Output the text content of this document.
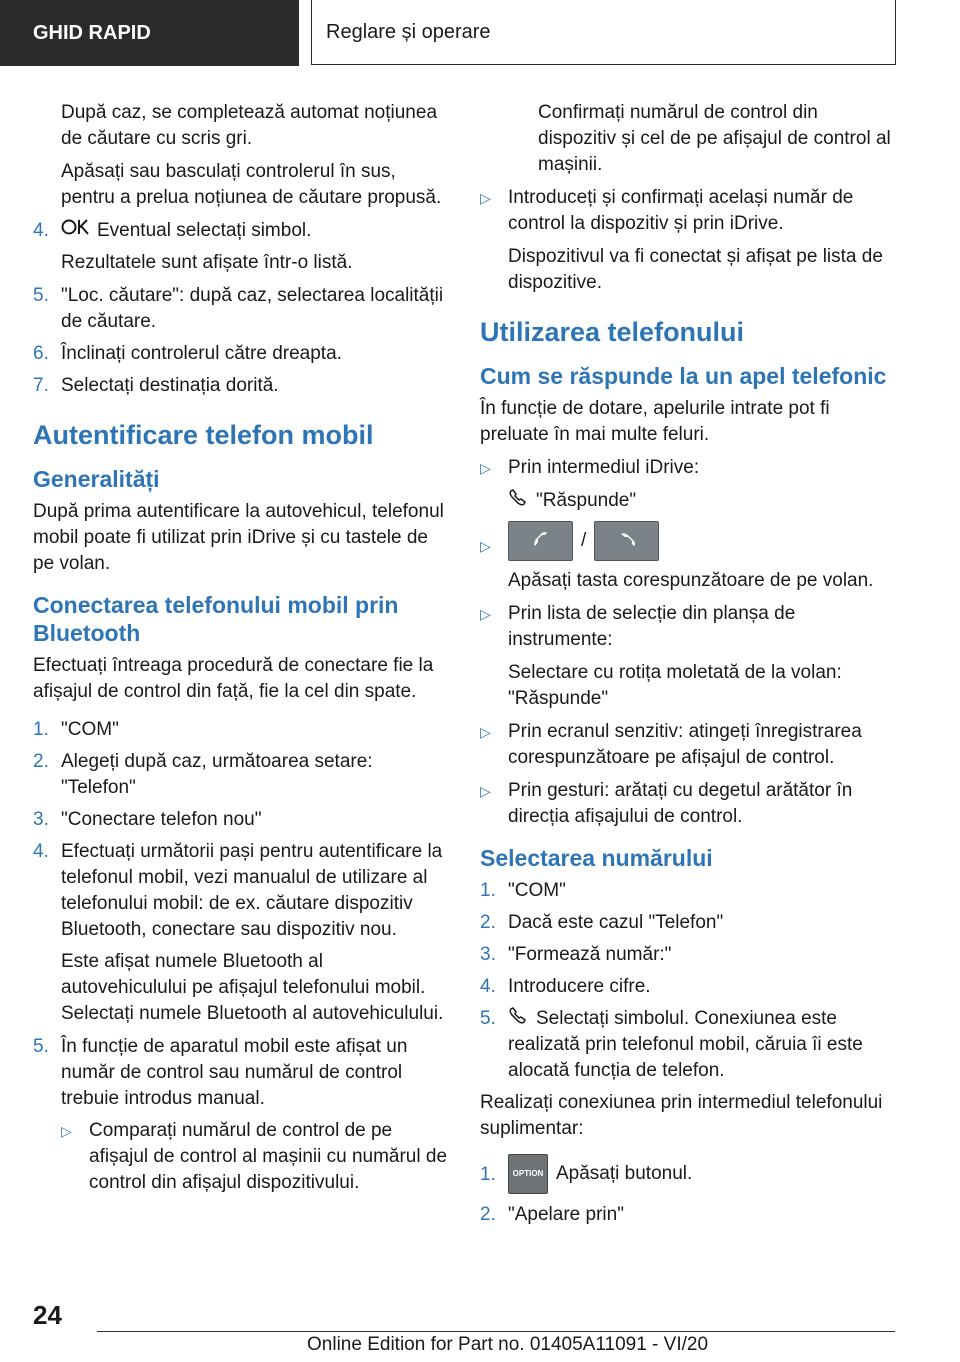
GHID RAPID	Reglare și operare

După caz, se completează automat noțiunea de căutare cu scris gri.

Apăsați sau basculați controlerul în sus, pentru a prelua noțiunea de căutare propusă.

4.	Eventual selectați simbol.

Rezultatele sunt afișate într-o listă.

5. "Loc. căutare": după caz, selectarea localității de căutare.
6. Înclinați controlerul către dreapta.
7. Selectați destinația dorită.
Autentificare telefon mobil
Generalități

După prima autentificare la autovehicul, telefonul mobil poate fi utilizat prin iDrive și cu tastele de pe volan.

Conectarea telefonului mobil prin Bluetooth

Efectuați întreaga procedură de conectare fie la afișajul de control din față, fie la cel din spate.

1. "COM"
2. Alegeți după caz, următoarea setare: "Telefon"
3. "Conectare telefon nou"
4. Efectuați următorii pași pentru autentificare la telefonul mobil, vezi manualul de utilizare al telefonului mobil: de ex. căutare dispozitiv Bluetooth, conectare sau dispozitiv nou.

Este afișat numele Bluetooth al autovehiculului pe afișajul telefonului mobil. Selectați numele Bluetooth al autovehiculului.

5. În funcție de aparatul mobil este afișat un număr de control sau numărul de control trebuie introdus manual.
▷ Comparați numărul de control de pe afișajul de control al mașinii cu numărul de control din afișajul dispozitivului.

Confirmați numărul de control din dispozitiv și cel de pe afișajul de control al mașinii.

▷ Introduceți și confirmați același număr de control la dispozitiv și prin iDrive.

Dispozitivul va fi conectat și afișat pe lista de dispozitive.

Utilizarea telefonului
Cum se răspunde la un apel telefonic

În funcție de dotare, apelurile intrate pot fi preluate în mai multe feluri.

▷ Prin intermediul iDrive:

"Răspunde"

▷	/

Apăsați tasta corespunzătoare de pe volan.

▷ Prin lista de selecție din planșa de instrumente:

Selectare cu rotița moletată de la volan: "Răspunde"

▷ Prin ecranul senzitiv: atingeți înregistrarea corespunzătoare pe afișajul de control.
▷ Prin gesturi: arătați cu degetul arătător în direcția afișajului de control.
Selectarea numărului
1. "COM"
2. Dacă este cazul "Telefon"
3. "Formează număr:"
4. Introducere cifre.
5. Selectați simbolul. Conexiunea este realizată prin telefonul mobil, căruia îi este alocată funcția de telefon.

Realizați conexiunea prin intermediul telefonului suplimentar:

1. OPTION Apăsați butonul.
2. "Apelare prin"
24
Online Edition for Part no. 01405A11091 - VI/20
